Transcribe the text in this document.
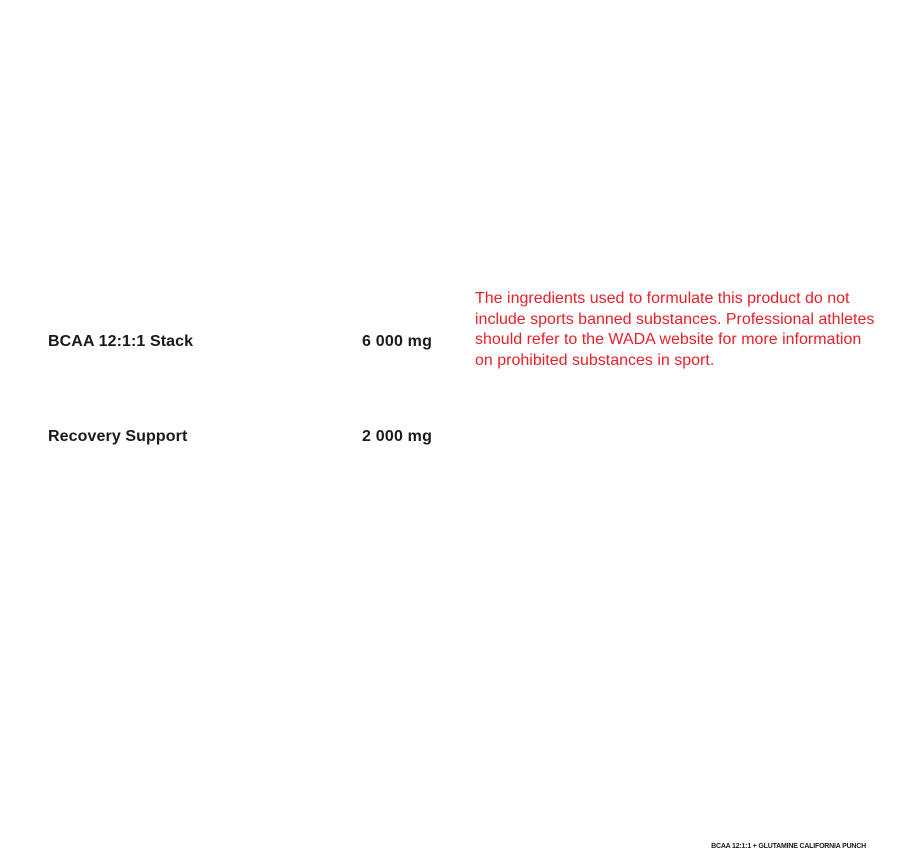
BCAA 12:1:1 Stack	6 000 mg
Recovery Support	2 000 mg

The ingredients used to formulate this product do not include sports banned substances. Professional athletes should refer to the WADA website for more information on prohibited substances in sport.

BCAA 12:1:1 + GLUTAMINE CALIFORNIA PUNCH
